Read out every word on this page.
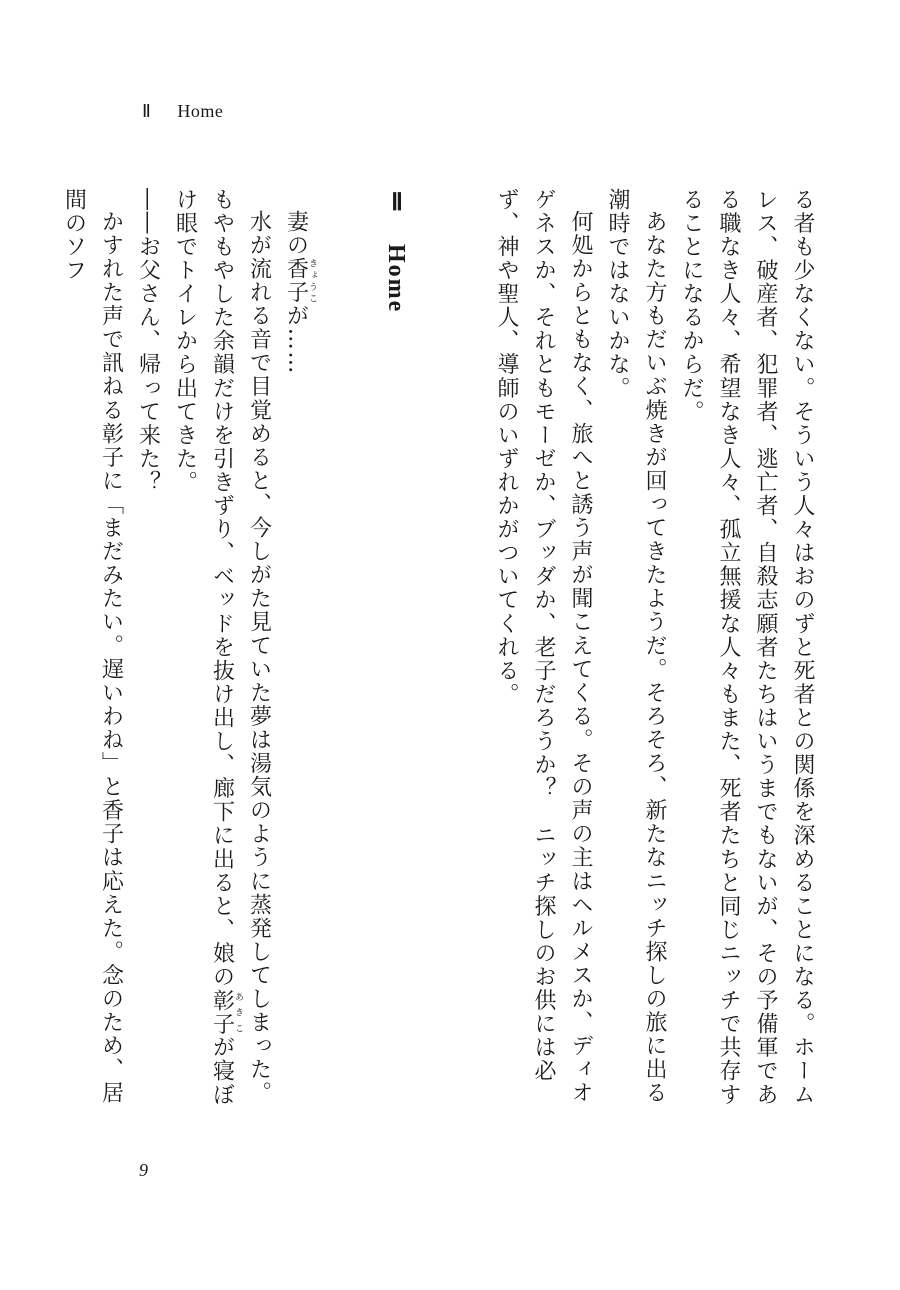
Ⅱ Home

る者も少なくない。そういう人々はおのずと死者との関係を深めることになる。ホームレス、破産者、犯罪者、逃亡者、自殺志願者たちはいうまでもないが、その予備軍である職なき人々、希望なき人々、孤立無援な人々もまた、死者たちと同じニッチで共存することになるからだ。

あなた方もだいぶ焼きが回ってきたようだ。そろそろ、新たなニッチ探しの旅に出る潮時ではないかな。

何処からともなく、旅へと誘う声が聞こえてくる。その声の主はヘルメスか、ディオゲネスか、それともモーゼか、ブッダか、老子だろうか？　ニッチ探しのお供には必ず、神や聖人、導師のいずれかがついてくれる。

Ⅱ　Home

妻の香子きょうこが……

水が流れる音で目覚めると、今しがた見ていた夢は湯気のように蒸発してしまった。もやもやした余韻だけを引きずり、ベッドを抜け出し、廊下に出ると、娘の彰子あきこが寝ぼけ眼でトイレから出てきた。

――お父さん、帰って来た？

かすれた声で訊ねる彰子に「まだみたい。遅いわね」と香子は応えた。念のため、居間のソフ

9
